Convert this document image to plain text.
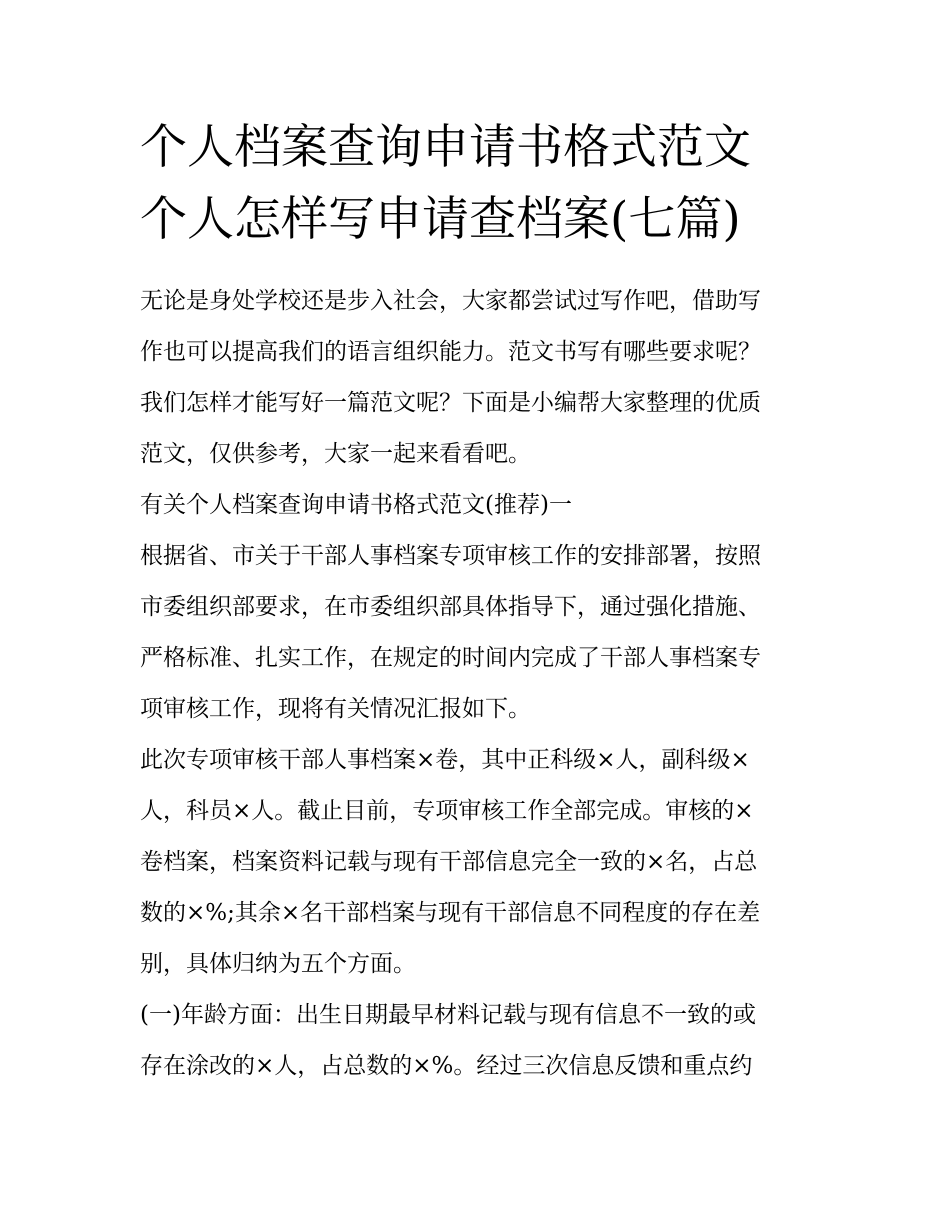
个人档案查询申请书格式范文
个人怎样写申请查档案(七篇)

无论是身处学校还是步入社会，大家都尝试过写作吧，借助写
作也可以提高我们的语言组织能力。范文书写有哪些要求呢？
我们怎样才能写好一篇范文呢？下面是小编帮大家整理的优质
范文，仅供参考，大家一起来看看吧。

有关个人档案查询申请书格式范文(推荐)一

根据省、市关于干部人事档案专项审核工作的安排部署，按照
市委组织部要求，在市委组织部具体指导下，通过强化措施、
严格标准、扎实工作，在规定的时间内完成了干部人事档案专
项审核工作，现将有关情况汇报如下。

此次专项审核干部人事档案×卷，其中正科级×人，副科级×
人，科员×人。截止目前，专项审核工作全部完成。审核的×
卷档案，档案资料记载与现有干部信息完全一致的×名，占总
数的×%;其余×名干部档案与现有干部信息不同程度的存在差
别，具体归纳为五个方面。

(一)年龄方面：出生日期最早材料记载与现有信息不一致的或
存在涂改的×人，占总数的×%。经过三次信息反馈和重点约
